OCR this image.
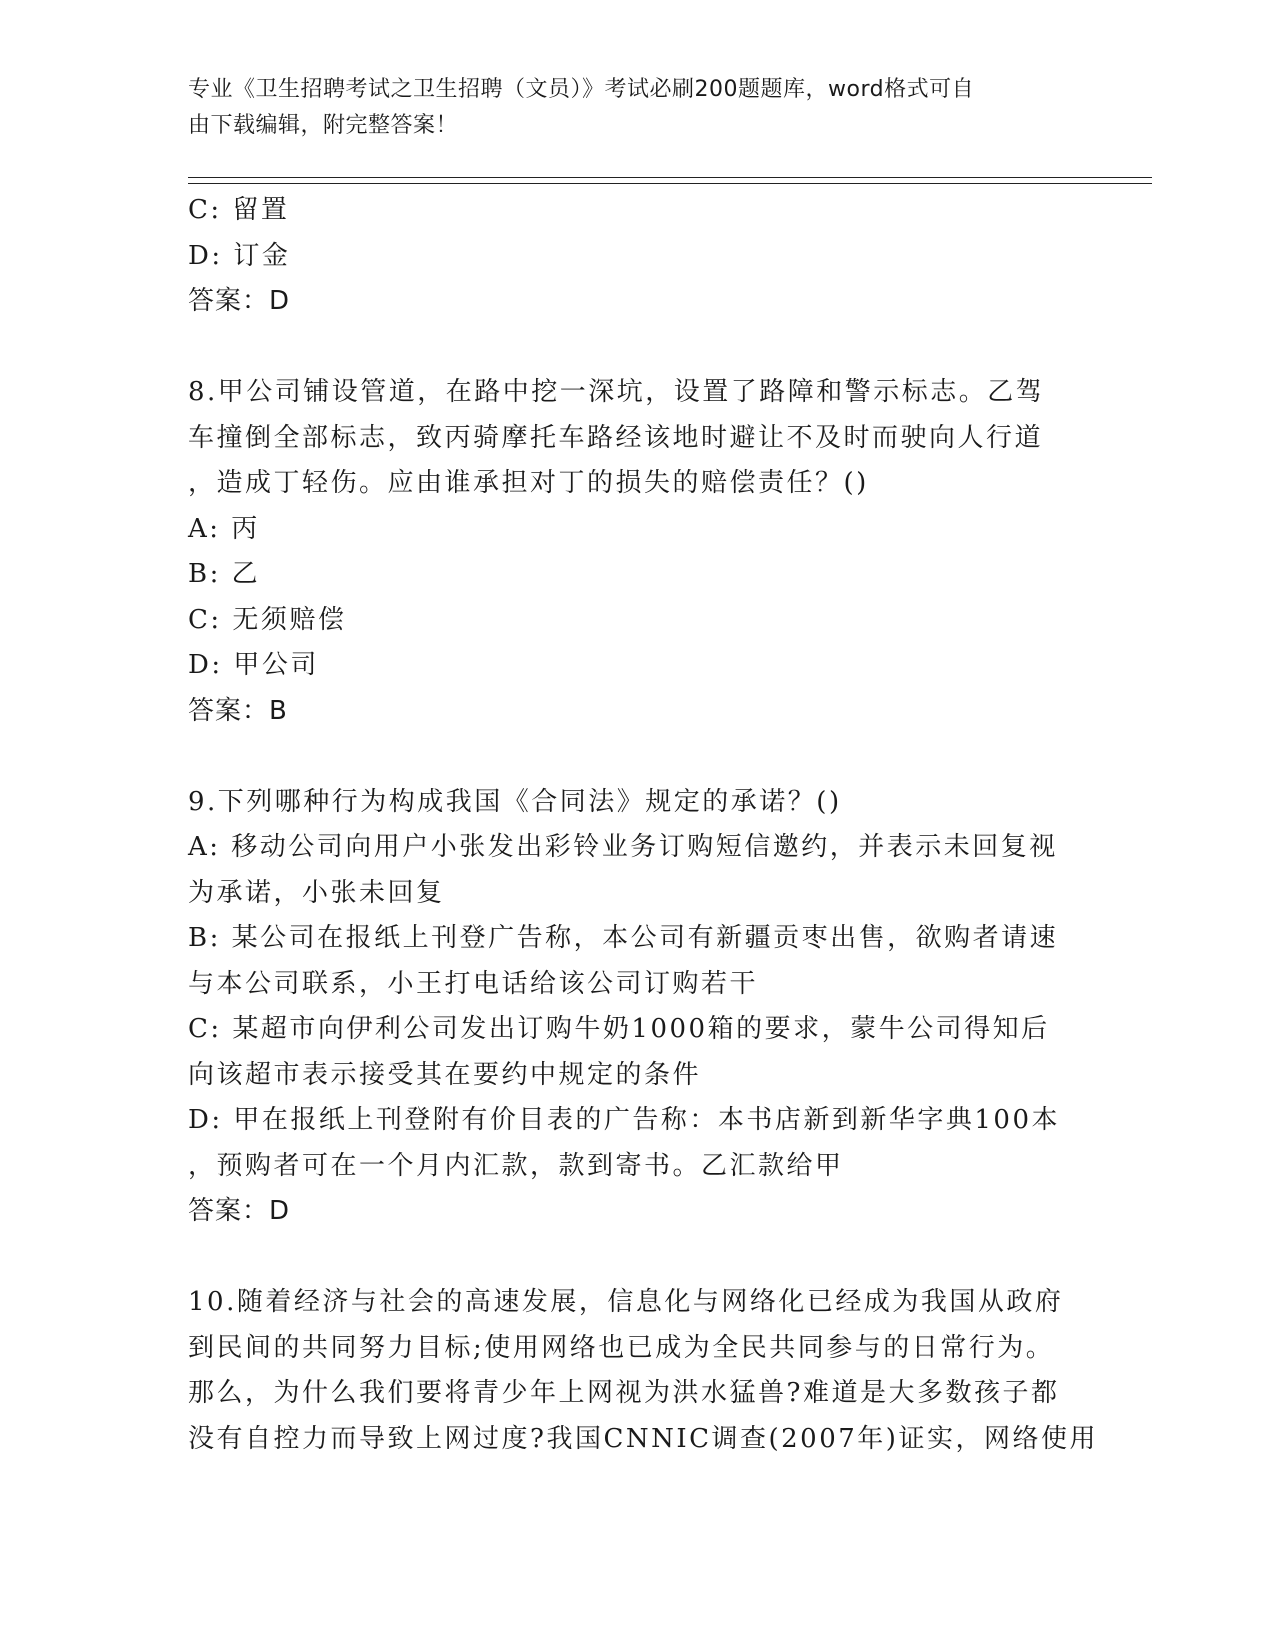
专业《卫生招聘考试之卫生招聘（文员）》考试必刷200题题库，word格式可自
由下载编辑，附完整答案！
C: 留置
D: 订金
答案：D
8.甲公司铺设管道，在路中挖一深坑，设置了路障和警示标志。乙驾
车撞倒全部标志，致丙骑摩托车路经该地时避让不及时而驶向人行道
，造成丁轻伤。应由谁承担对丁的损失的赔偿责任？()
A: 丙
B: 乙
C: 无须赔偿
D: 甲公司
答案：B
9.下列哪种行为构成我国《合同法》规定的承诺？()
A: 移动公司向用户小张发出彩铃业务订购短信邀约，并表示未回复视
为承诺，小张未回复
B: 某公司在报纸上刊登广告称，本公司有新疆贡枣出售，欲购者请速
与本公司联系，小王打电话给该公司订购若干
C: 某超市向伊利公司发出订购牛奶1000箱的要求，蒙牛公司得知后
向该超市表示接受其在要约中规定的条件
D: 甲在报纸上刊登附有价目表的广告称：本书店新到新华字典100本
，预购者可在一个月内汇款，款到寄书。乙汇款给甲
答案：D
10.随着经济与社会的高速发展，信息化与网络化已经成为我国从政府
到民间的共同努力目标;使用网络也已成为全民共同参与的日常行为。
那么，为什么我们要将青少年上网视为洪水猛兽?难道是大多数孩子都
没有自控力而导致上网过度?我国CNNIC调查(2007年)证实，网络使用
